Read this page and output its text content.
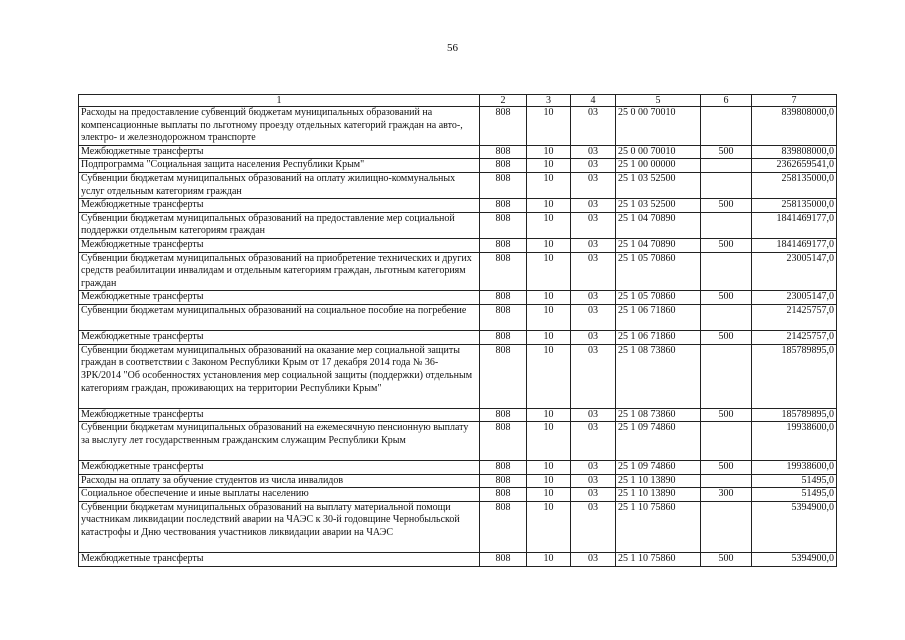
56
1	2	3	4	5	6	7
Расходы на предоставление субвенций бюджетам муниципальных образований на компенсационные выплаты по льготному проезду отдельных категорий граждан на авто-, электро- и железнодорожном транспорте	808	10	03	25 0 00 70010		839808000,0
Межбюджетные трансферты	808	10	03	25 0 00 70010	500	839808000,0
Подпрограмма "Социальная защита населения Республики Крым"	808	10	03	25 1 00 00000		2362659541,0
Субвенции бюджетам муниципальных образований на оплату жилищно-коммунальных услуг отдельным категориям граждан	808	10	03	25 1 03 52500		258135000,0
Межбюджетные трансферты	808	10	03	25 1 03 52500	500	258135000,0
Субвенции бюджетам муниципальных образований на предоставление мер социальной поддержки отдельным категориям граждан	808	10	03	25 1 04 70890		1841469177,0
Межбюджетные трансферты	808	10	03	25 1 04 70890	500	1841469177,0
Субвенции бюджетам муниципальных образований на приобретение технических и других средств реабилитации инвалидам и отдельным категориям граждан, льготным категориям граждан	808	10	03	25 1 05 70860		23005147,0
Межбюджетные трансферты	808	10	03	25 1 05 70860	500	23005147,0
Субвенции бюджетам муниципальных образований на социальное пособие на погребение	808	10	03	25 1 06 71860		21425757,0
Межбюджетные трансферты	808	10	03	25 1 06 71860	500	21425757,0
Субвенции бюджетам муниципальных образований на оказание мер социальной защиты граждан в соответствии с Законом Республики Крым от 17 декабря 2014 года № 36-ЗРК/2014 "Об особенностях установления мер социальной защиты (поддержки) отдельным категориям граждан, проживающих на территории Республики Крым"	808	10	03	25 1 08 73860		185789895,0
Межбюджетные трансферты	808	10	03	25 1 08 73860	500	185789895,0
Субвенции бюджетам муниципальных образований на ежемесячную пенсионную выплату за выслугу лет государственным гражданским служащим Республики Крым	808	10	03	25 1 09 74860		19938600,0
Межбюджетные трансферты	808	10	03	25 1 09 74860	500	19938600,0
Расходы на оплату за обучение студентов из числа инвалидов	808	10	03	25 1 10 13890		51495,0
Социальное обеспечение и иные выплаты населению	808	10	03	25 1 10 13890	300	51495,0
Субвенции бюджетам муниципальных образований на выплату материальной помощи участникам ликвидации последствий аварии на ЧАЭС к 30-й годовщине Чернобыльской катастрофы и Дню чествования участников ликвидации аварии на ЧАЭС	808	10	03	25 1 10 75860		5394900,0
Межбюджетные трансферты	808	10	03	25 1 10 75860	500	5394900,0
